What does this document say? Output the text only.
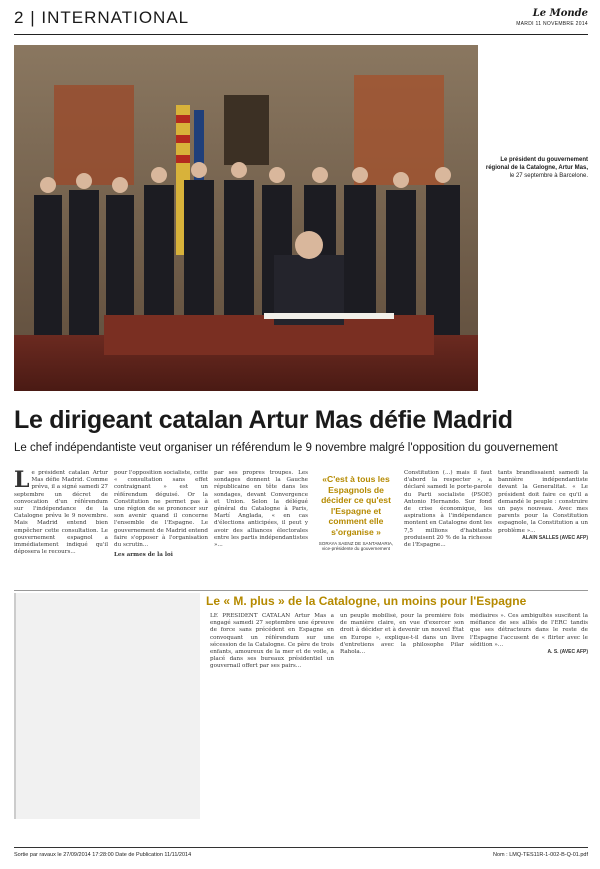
2 | INTERNATIONAL	Le Monde
MARDI 11 NOVEMBRE 2014
Le président du gouvernement régional de la Catalogne, Artur Mas, le 27 septembre à Barcelone.
Le dirigeant catalan Artur Mas défie Madrid
Le chef indépendantiste veut organiser un référendum le 9 novembre malgré l'opposition du gouvernement
L e président catalan Artur Mas défie Madrid. Comme prévu, il a signé samedi 27 septembre un décret de convocation d'un référendum sur l'indépendance de la Catalogne prévu le 9 novembre. Mais Madrid entend bien empêcher cette consultation. Le gouvernement espagnol a immédiatement indiqué qu'il déposera le recours...
pour l'opposition socialiste, cette « consultation sans effet contraignant » est un référendum déguisé. Or la Constitution ne permet pas à une région de se prononcer sur son avenir quand il concerne l'ensemble de l'Espagne. Le gouvernement de Madrid entend faire s'opposer à l'organisation du scrutin...
Les armes de la loi
par ses propres troupes. Les sondages donnent la Gauche républicaine en tête dans les sondages, devant Convergence et Union. Selon la délégué général du Catalogne à Paris, Martí Anglada, « en cas d'élections anticipées, il peut y avoir des alliances électorales entre les partis indépendantistes »...
«C'est à tous les Espagnols de décider ce qu'est l'Espagne et comment elle s'organise »
SORAYA SAENZ DE SANTAMARIA, vice-présidente du gouvernement
Constitution (...) mais il faut d'abord la respecter », a déclaré samedi le porte-parole du Parti socialiste (PSOE) Antonio Hernando. Sur fond de crise économique, les aspirations à l'indépendance montent en Catalogne dont les 7,5 millions d'habitants produisent 20 % de la richesse de l'Espagne...
tants brandissaient samedi la bannière indépendantiste devant la Generalitat. « Le président doit faire ce qu'il a demandé le peuple : construire un pays nouveau. Avec mes parents pour la Constitution espagnole, la Constitution a un problème »...
ALAIN SALLES (AVEC AFP)
Le « M. plus » de la Catalogne, un moins pour l'Espagne
LE PRÉSIDENT CATALAN Artur Mas a engagé samedi 27 septembre une épreuve de force sans précédent en Espagne en convoquant un référendum sur une sécession de la Catalogne. Ce père de trois enfants, amoureux de la mer et de voile, a placé dans ses bureaux présidentiel un gouvernail offert par ses pairs...
un peuple mobilisé, pour la première fois de manière claire, en vue d'exercer son droit à décider et à devenir un nouvel État en Europe », explique-t-il dans un livre d'entretiens avec la philosophe Pilar Rahola...
médiaires ». Ces ambiguïtés suscitent la méfiance de ses alliés de l'ERC tandis que ses détracteurs dans le reste de l'Espagne l'accusent de « flirter avec le sédition »...
A. S. (AVEC AFP)
Sortie par ravaux le 27/09/2014 17:28:00 Date de Publication 11/11/2014	Nom : LMQ-TES11R-1-002-B-Q-01.pdf
